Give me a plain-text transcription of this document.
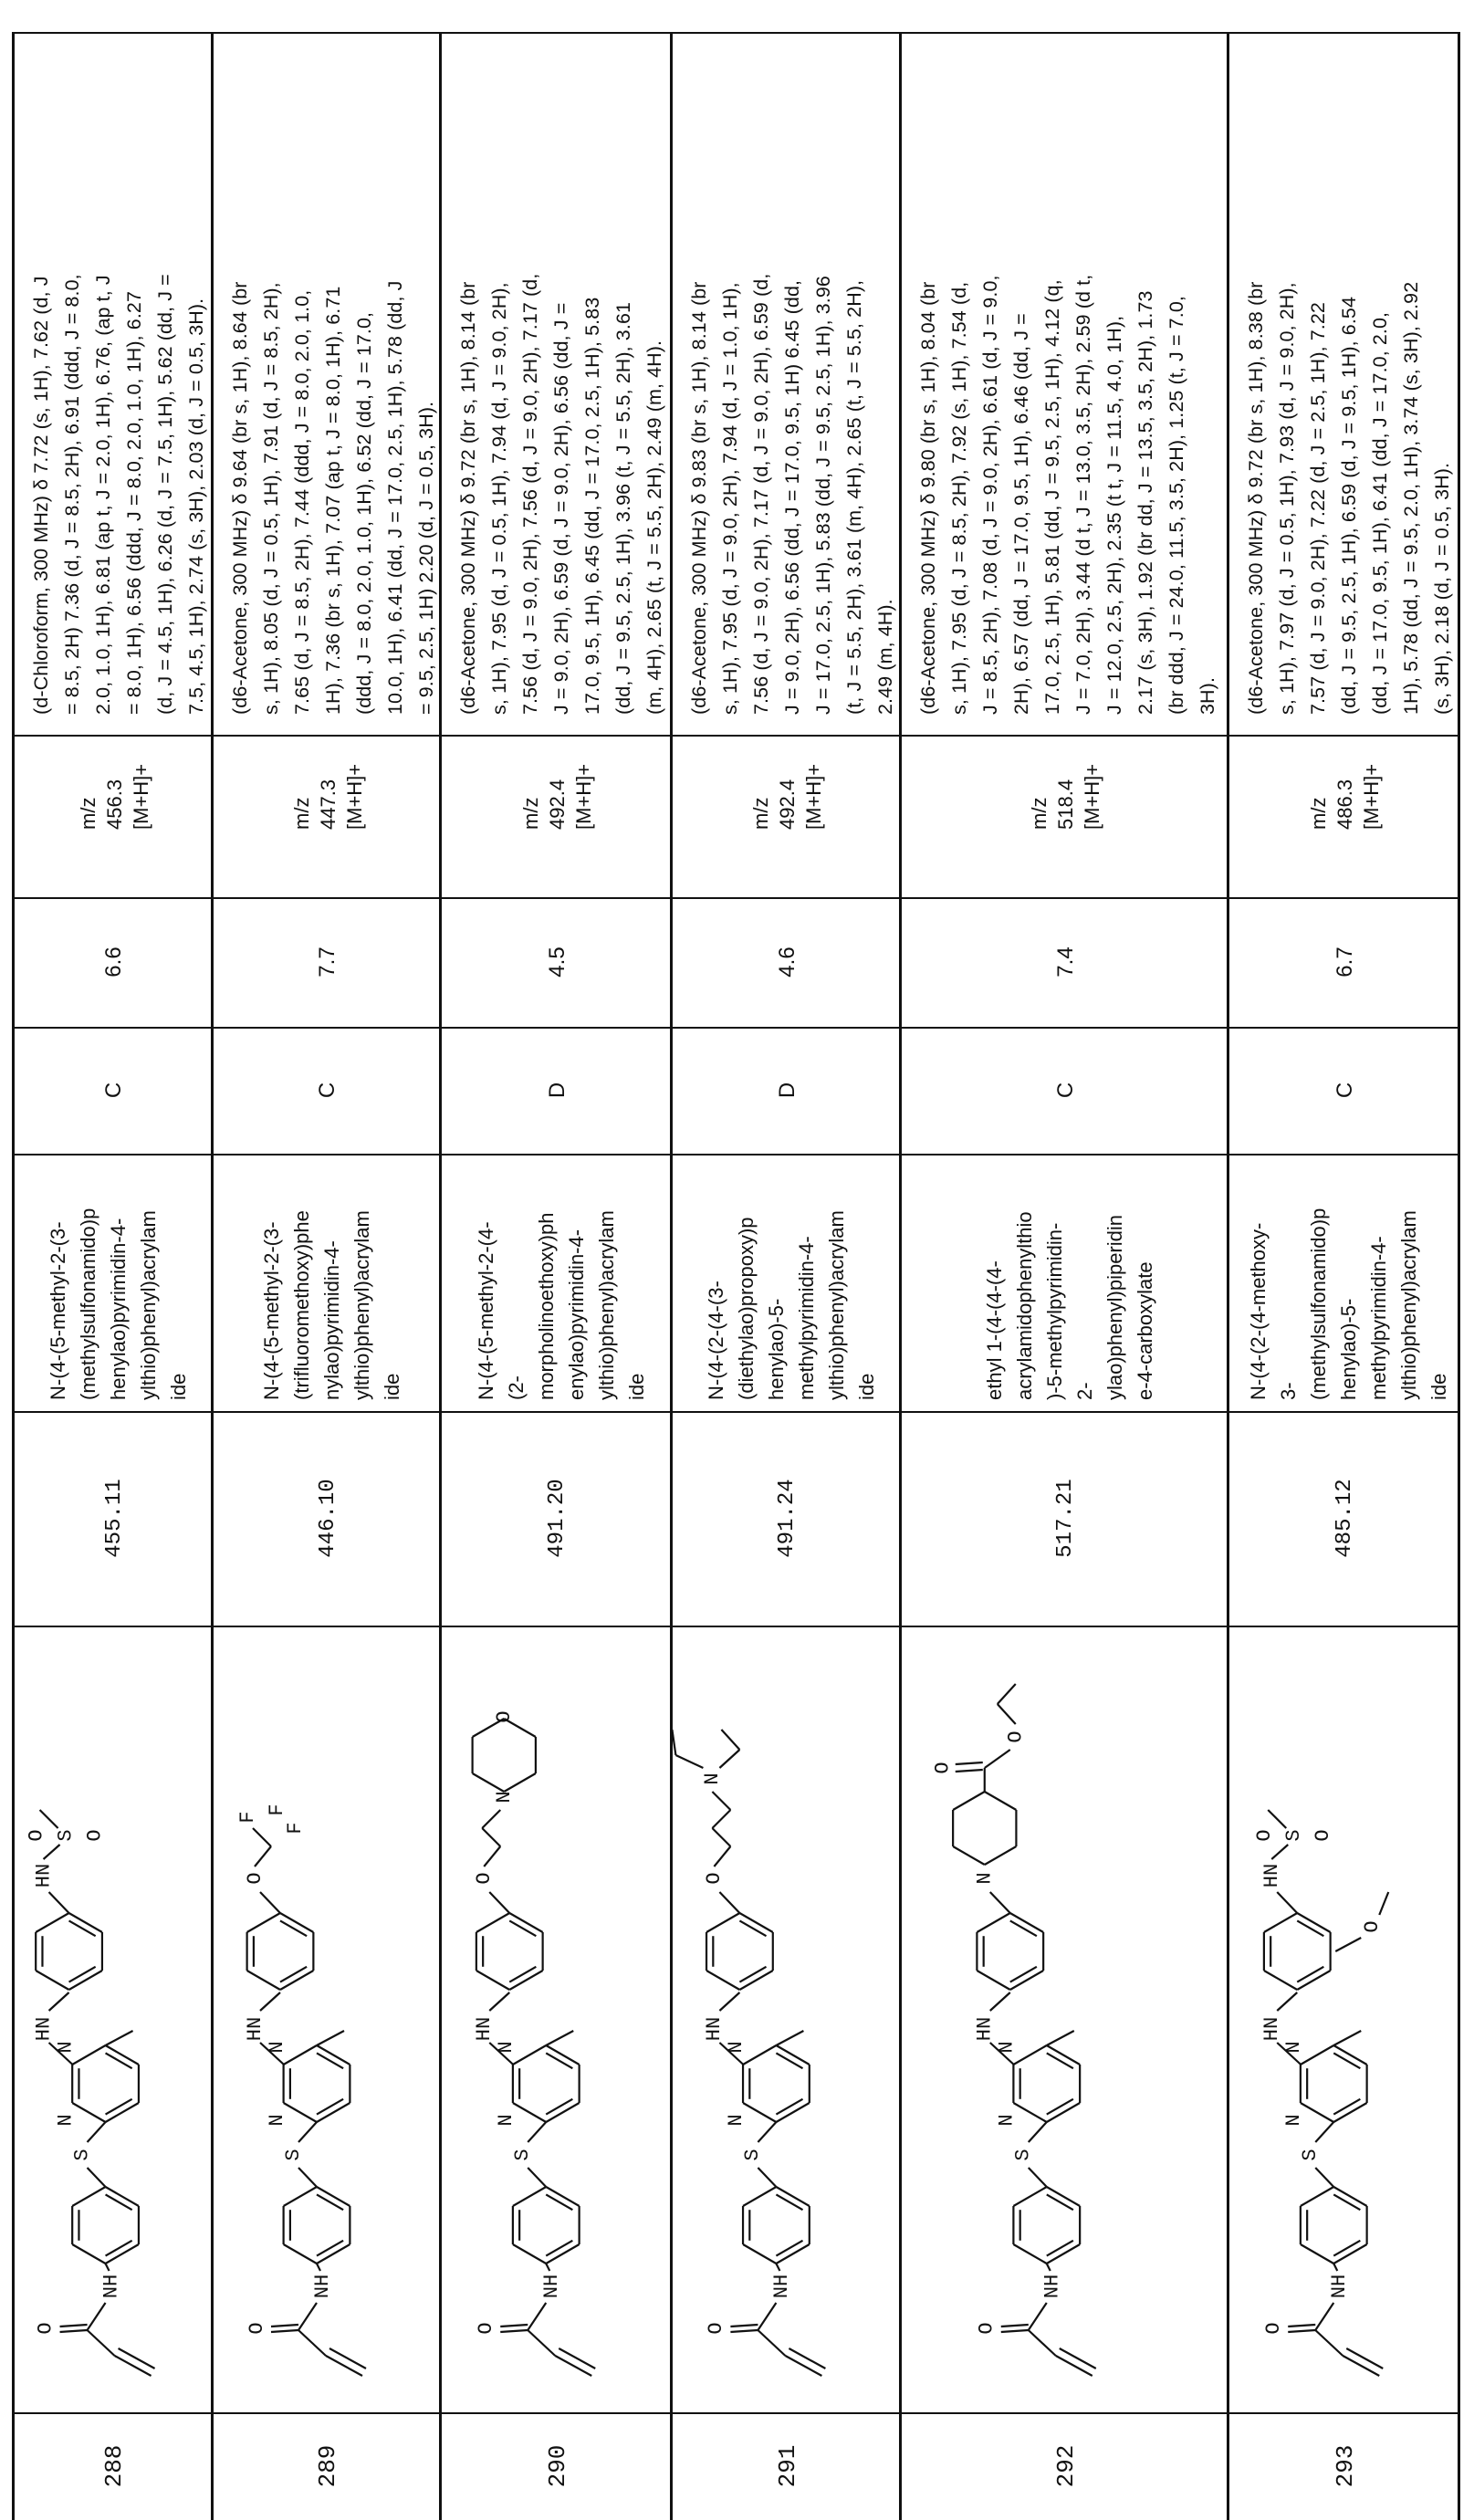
(d-Chloroform, 300 MHz) δ 7.72 (s, 1H), 7.62 (d, J = 8.5, 2H) 7.36 (d, J = 8.5, 2H), 6.91 (ddd, J = 8.0, 2.0, 1.0, 1H), 6.81 (ap t, J = 2.0, 1H), 6.76, (ap t, J = 8.0, 1H), 6.56 (ddd, J = 8.0, 2.0, 1.0, 1H), 6.27 (d, J = 4.5, 1H), 6.26 (d, J = 7.5, 1H), 5.62 (dd, J = 7.5, 4.5, 1H), 2.74 (s, 3H), 2.03 (d, J = 0.5, 3H).
m/z 456.3 [M+H]+
6.6
C
N-(4-(5-methyl-2-(3- (methylsulfonamido)p henylao)pyrimidin-4- ylthio)phenyl)acrylam ide
455.11
288
O
NH
S
N
N
HN
HN
S O
O
(d6-Acetone, 300 MHz) δ 9.64 (br s, 1H), 8.64 (br s, 1H), 8.05 (d, J = 0.5, 1H), 7.91 (d, J = 8.5, 2H), 7.65 (d, J = 8.5, 2H), 7.44 (ddd, J = 8.0, 2.0, 1.0, 1H), 7.36 (br s, 1H), 7.07 (ap t, J = 8.0, 1H), 6.71 (ddd, J = 8.0, 2.0, 1.0, 1H), 6.52 (dd, J = 17.0, 10.0, 1H), 6.41 (dd, J = 17.0, 2.5, 1H), 5.78 (dd, J = 9.5, 2.5, 1H) 2.20 (d, J = 0.5, 3H).
m/z 447.3 [M+H]+
7.7
C
N-(4-(5-methyl-2-(3- (trifluoromethoxy)phe nylao)pyrimidin-4- ylthio)phenyl)acrylam ide
446.10
289
O
NH
S
N
N
HN
O
F
F
F
(d6-Acetone, 300 MHz) δ 9.72 (br s, 1H), 8.14 (br s, 1H), 7.95 (d, J = 0.5, 1H), 7.94 (d, J = 9.0, 2H), 7.56 (d, J = 9.0, 2H), 7.56 (d, J = 9.0, 2H), 7.17 (d, J = 9.0, 2H), 6.59 (d, J = 9.0, 2H), 6.56 (dd, J = 17.0, 9.5, 1H), 6.45 (dd, J = 17.0, 2.5, 1H), 5.83 (dd, J = 9.5, 2.5, 1H), 3.96 (t, J = 5.5, 2H), 3.61 (m, 4H), 2.65 (t, J = 5.5, 2H), 2.49 (m, 4H).
m/z 492.4 [M+H]+
4.5
D
N-(4-(5-methyl-2-(4- (2- morpholinoethoxy)ph enylao)pyrimidin-4- ylthio)phenyl)acrylam ide
491.20
290
O
NH
S
N
N
HN
O
N
O
(d6-Acetone, 300 MHz) δ 9.83 (br s, 1H), 8.14 (br s, 1H), 7.95 (d, J = 9.0, 2H), 7.94 (d, J = 1.0, 1H), 7.56 (d, J = 9.0, 2H), 7.17 (d, J = 9.0, 2H), 6.59 (d, J = 9.0, 2H), 6.56 (dd, J = 17.0, 9.5, 1H) 6.45 (dd, J = 17.0, 2.5, 1H), 5.83 (dd, J = 9.5, 2.5, 1H), 3.96 (t, J = 5.5, 2H), 3.61 (m, 4H), 2.65 (t, J = 5.5, 2H), 2.49 (m, 4H).
m/z 492.4 [M+H]+
4.6
D
N-(4-(2-(4-(3- (diethylao)propoxy)p henylao)-5- methylpyrimidin-4- ylthio)phenyl)acrylam ide
491.24
291
O
NH
S
N
N
HN
O
N
(d6-Acetone, 300 MHz) δ 9.80 (br s, 1H), 8.04 (br s, 1H), 7.95 (d, J = 8.5, 2H), 7.92 (s, 1H), 7.54 (d, J = 8.5, 2H), 7.08 (d, J = 9.0, 2H), 6.61 (d, J = 9.0, 2H), 6.57 (dd, J = 17.0, 9.5, 1H), 6.46 (dd, J = 17.0, 2.5, 1H), 5.81 (dd, J = 9.5, 2.5, 1H), 4.12 (q, J = 7.0, 2H), 3.44 (d t, J = 13.0, 3.5, 2H), 2.59 (d t, J = 12.0, 2.5, 2H), 2.35 (t t, J = 11.5, 4.0, 1H), 2.17 (s, 3H), 1.92 (br dd, J = 13.5, 3.5, 2H), 1.73 (br ddd, J = 24.0, 11.5, 3.5, 2H), 1.25 (t, J = 7.0, 3H).
m/z 518.4 [M+H]+
7.4
C
ethyl 1-(4-(4-(4- acrylamidophenylthio )-5-methylpyrimidin- 2- ylao)phenyl)piperidin e-4-carboxylate
517.21
292
O
NH
S
N
N
HN
N
O
O
(d6-Acetone, 300 MHz) δ 9.72 (br s, 1H), 8.38 (br s, 1H), 7.97 (d, J = 0.5, 1H), 7.93 (d, J = 9.0, 2H), 7.57 (d, J = 9.0, 2H), 7.22 (d, J = 2.5, 1H), 7.22 (dd, J = 9.5, 2.5, 1H), 6.59 (d, J = 9.5, 1H), 6.54 (dd, J = 17.0, 9.5, 1H), 6.41 (dd, J = 17.0, 2.0, 1H), 5.78 (dd, J = 9.5, 2.0, 1H), 3.74 (s, 3H), 2.92 (s, 3H), 2.18 (d, J = 0.5, 3H).
m/z 486.3 [M+H]+
6.7
C
N-(4-(2-(4-methoxy- 3- (methylsulfonamido)p henylao)-5- methylpyrimidin-4- ylthio)phenyl)acrylam ide
485.12
293
O
NH
S
N
N
HN
HN
S O
O
O
